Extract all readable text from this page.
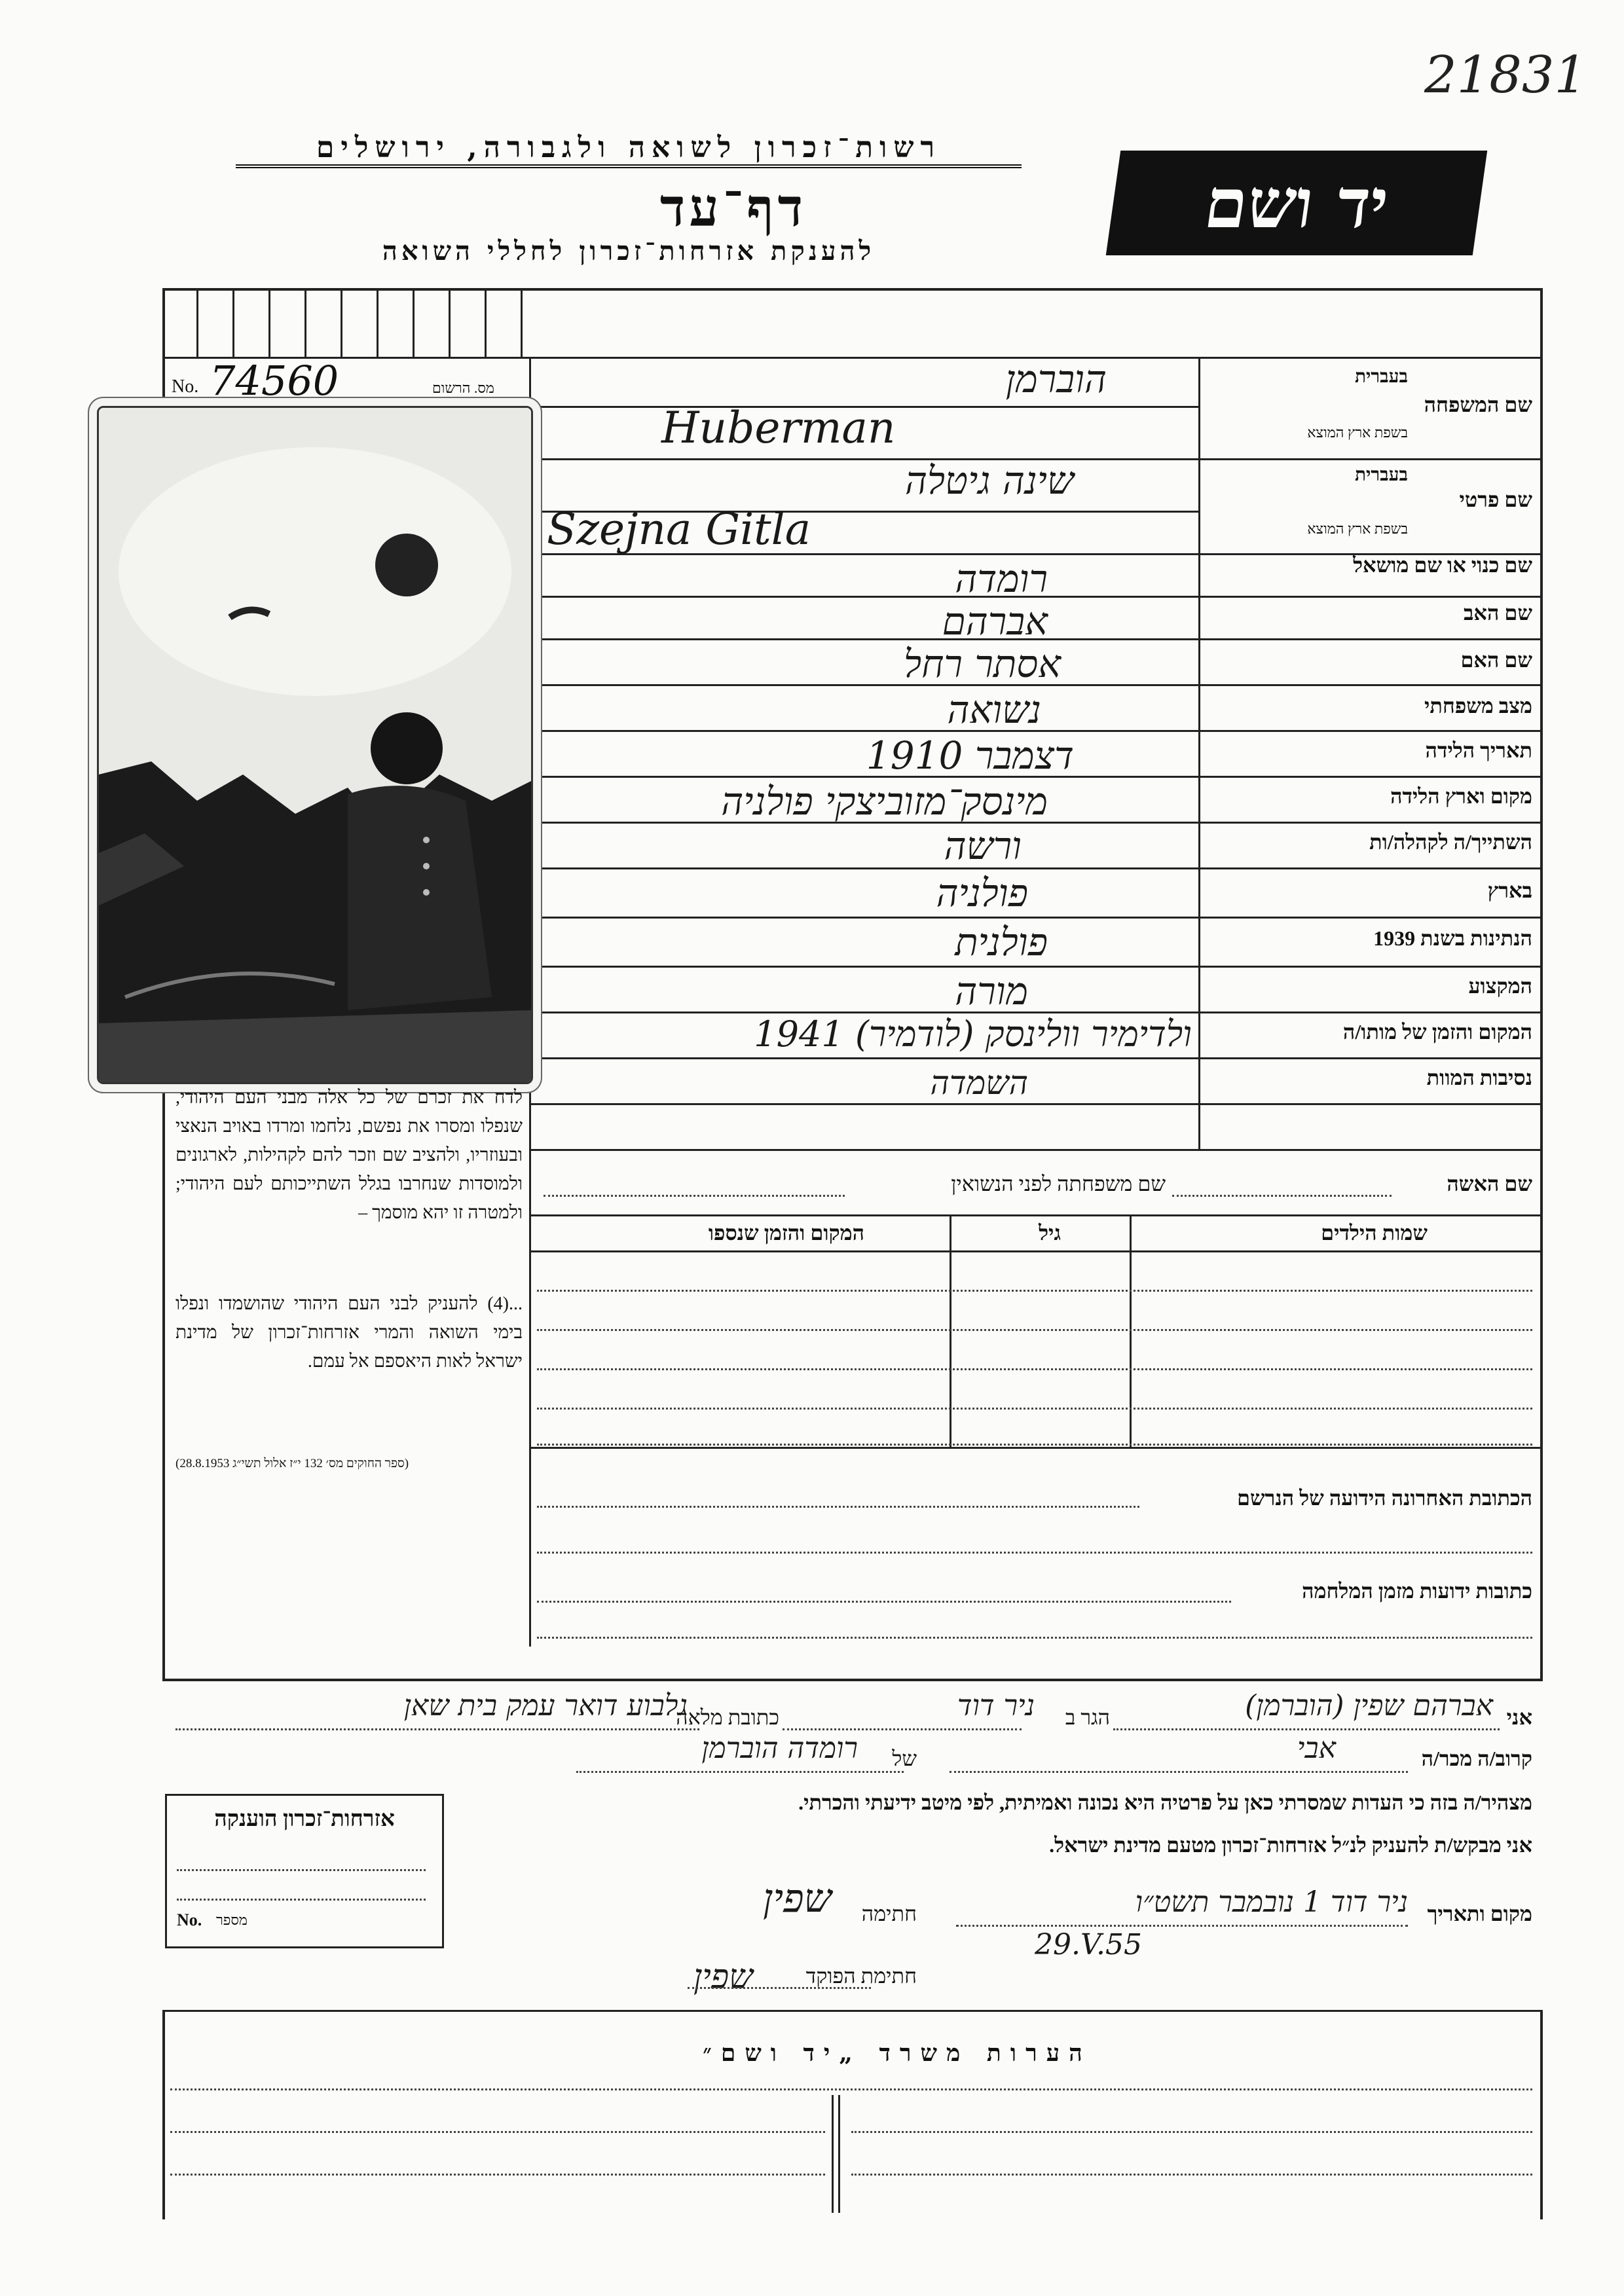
21831
רשות־זכרון לשואה ולגבורה, ירושלים
דף־עד
להענקת אזרחות־זכרון לחללי השואה
יד ושם
מס. הרשום
No. 74560	שם המשפחה
בעברית
בשפת ארץ המוצא
שם פרטי
בעברית
בשפת ארץ המוצא
שם כנוי או שם מושאל
שם האב
שם האם
מצב משפחתי
תאריך הלידה
מקום וארץ הלידה
השתייך/ה לקהלה/ות
בארץ
הנתינות בשנת 1939
המקצוע
המקום והזמן של מותו/ה
נסיבות המוות
הוברמן
Huberman
שינה גיטלה
Szejna Gitla
רומדה
אברהם
אסתר רחל
נשואה
דצמבר 1910
מינסק־מזוביצקי פולניה
ורשה
פולניה
פולנית
מורה
ולדימיר וולינסק (לודמיר) 1941
השמדה
לדח את זכרם של כל אלה מבני העם היהודי, שנפלו ומסרו את נפשם, נלחמו ומרדו באויב הנאצי ובעוזריו, ולהציב שם וזכר להם לקהילות, לארגונים ולמוסדות שנחרבו בגלל השתייכותם לעם היהודי; ולמטרה זו יהא מוסמך –
...(4) להעניק לבני העם היהודי שהושמדו ונפלו בימי השואה והמרי אזרחות־זכרון של מדינת ישראל לאות היאספם אל עמם.
(ספר החוקים מס׳ 132 י״ז אלול תשי״ג 28.8.1953)
שם האשה
שם משפחתה לפני הנשואין
שמות הילדים
גיל
המקום והזמן שנספו
הכתובת האחרונה הידועה של הנרשם
כתובות ידועות מזמן המלחמה
אני
אברהם שפין (הוברמן)
הגר ב
ניר דוד
כתובת מלאה
גלבוע דואר עמק בית שאן
קרוב/ה מכר/ה
אבי
של
רומדה הוברמן
מצהיר/ה בזה כי העדות שמסרתי כאן על פרטיה היא נכונה ואמיתית, לפי מיטב ידיעתי והכרתי.
אני מבקש/ת להעניק לנ״ל אזרחות־זכרון מטעם מדינת ישראל.
מקום ותאריך
ניר דוד 1 נובמבר תשט״ו
29.V.55
חתימה
שפין
אזרחות־זכרון הוענקה
No. מספר
חתימת הפוקד
שפין
הערות משרד „יד ושם״
